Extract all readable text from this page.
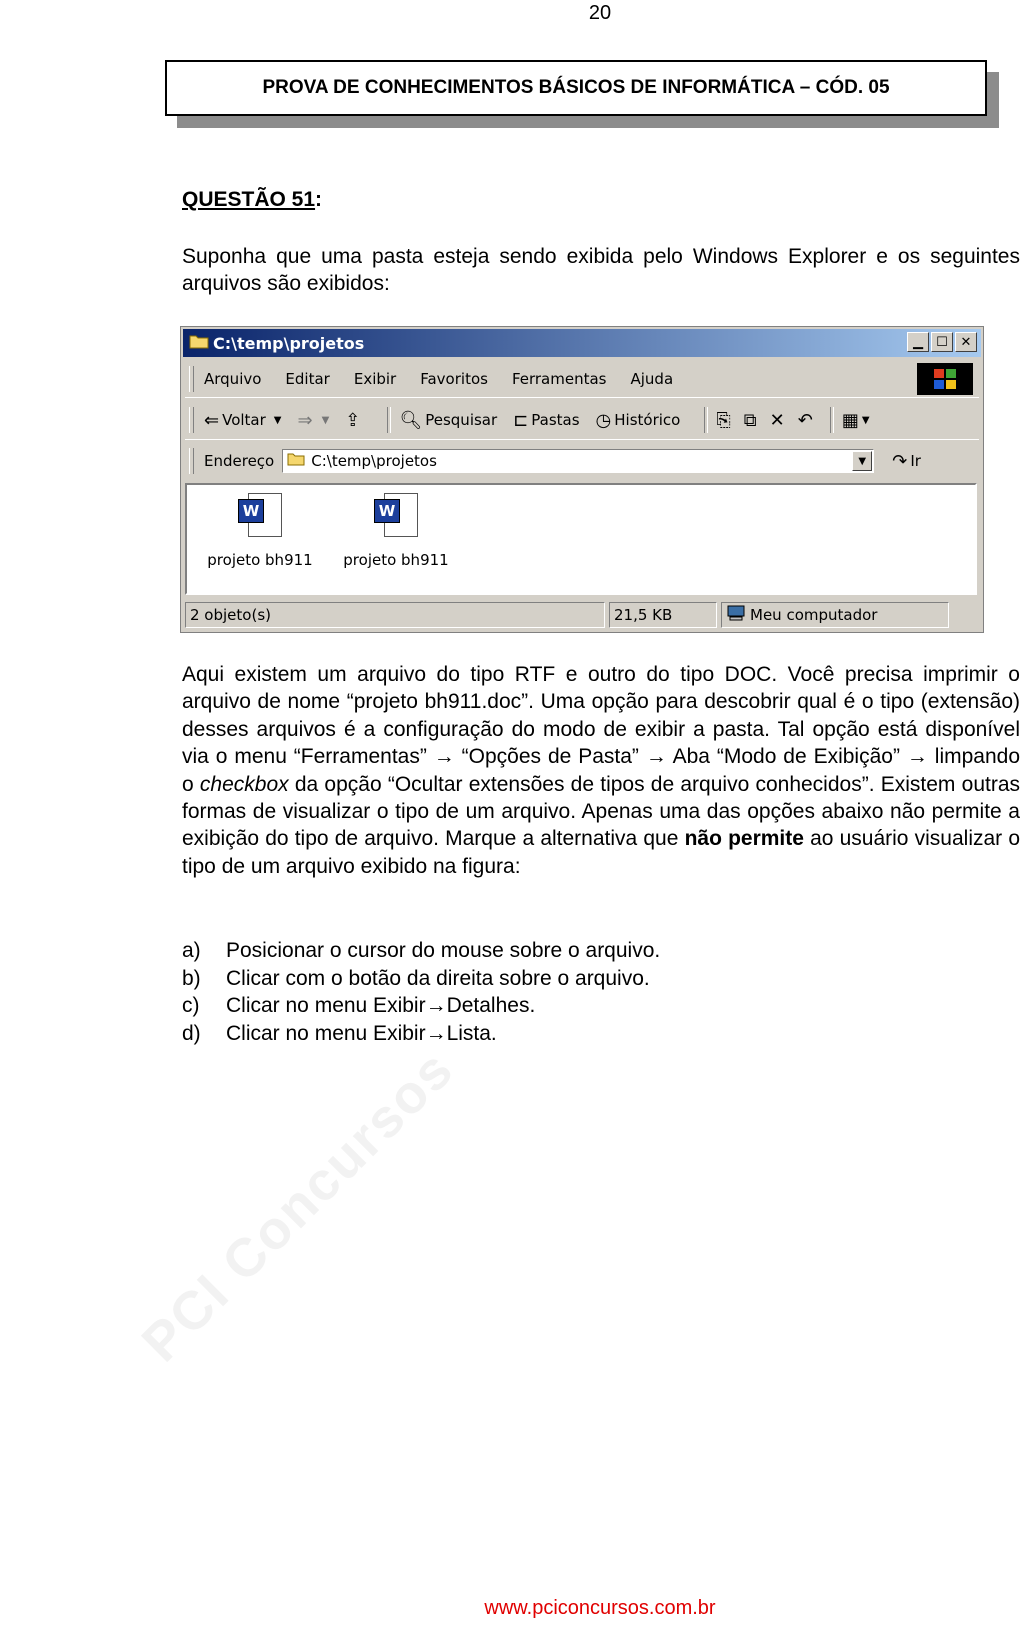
20
PROVA DE CONHECIMENTOS BÁSICOS DE INFORMÁTICA – CÓD. 05
QUESTÃO 51:
Suponha que uma pasta esteja sendo exibida pelo Windows Explorer e os seguintes arquivos são exibidos:
C:\temp\projetos	▁	☐ ✕
Arquivo Editar Exibir Favoritos Ferramentas Ajuda
⇐ Voltar ▼ ⇒ ▼ ⇪ 🔍︎ Pesquisar ⊏ Pastas ◷ Histórico ⎘ ⧉ ✕ ↶ ▦ ▼
Endereço C:\temp\projetos	▼	↷ Ir
W
projeto bh911
W
projeto bh911
2 objeto(s)	21,5 KB	Meu computador
Aqui existem um arquivo do tipo RTF e outro do tipo DOC. Você precisa imprimir o arquivo de nome “projeto bh911.doc”. Uma opção para descobrir qual é o tipo (extensão) desses arquivos é a configuração do modo de exibir a pasta. Tal opção está disponível via o menu “Ferramentas” → “Opções de Pasta” → Aba “Modo de Exibição” → limpando o checkbox da opção “Ocultar extensões de tipos de arquivo conhecidos”. Existem outras formas de visualizar o tipo de um arquivo. Apenas uma das opções abaixo não permite a exibição do tipo de arquivo. Marque a alternativa que não permite ao usuário visualizar o tipo de um arquivo exibido na figura:
a)	Posicionar o cursor do mouse sobre o arquivo.
b)	Clicar com o botão da direita sobre o arquivo.
c)	Clicar no menu Exibir→Detalhes.
d)	Clicar no menu Exibir→Lista.
PCI Concursos
www.pciconcursos.com.br
